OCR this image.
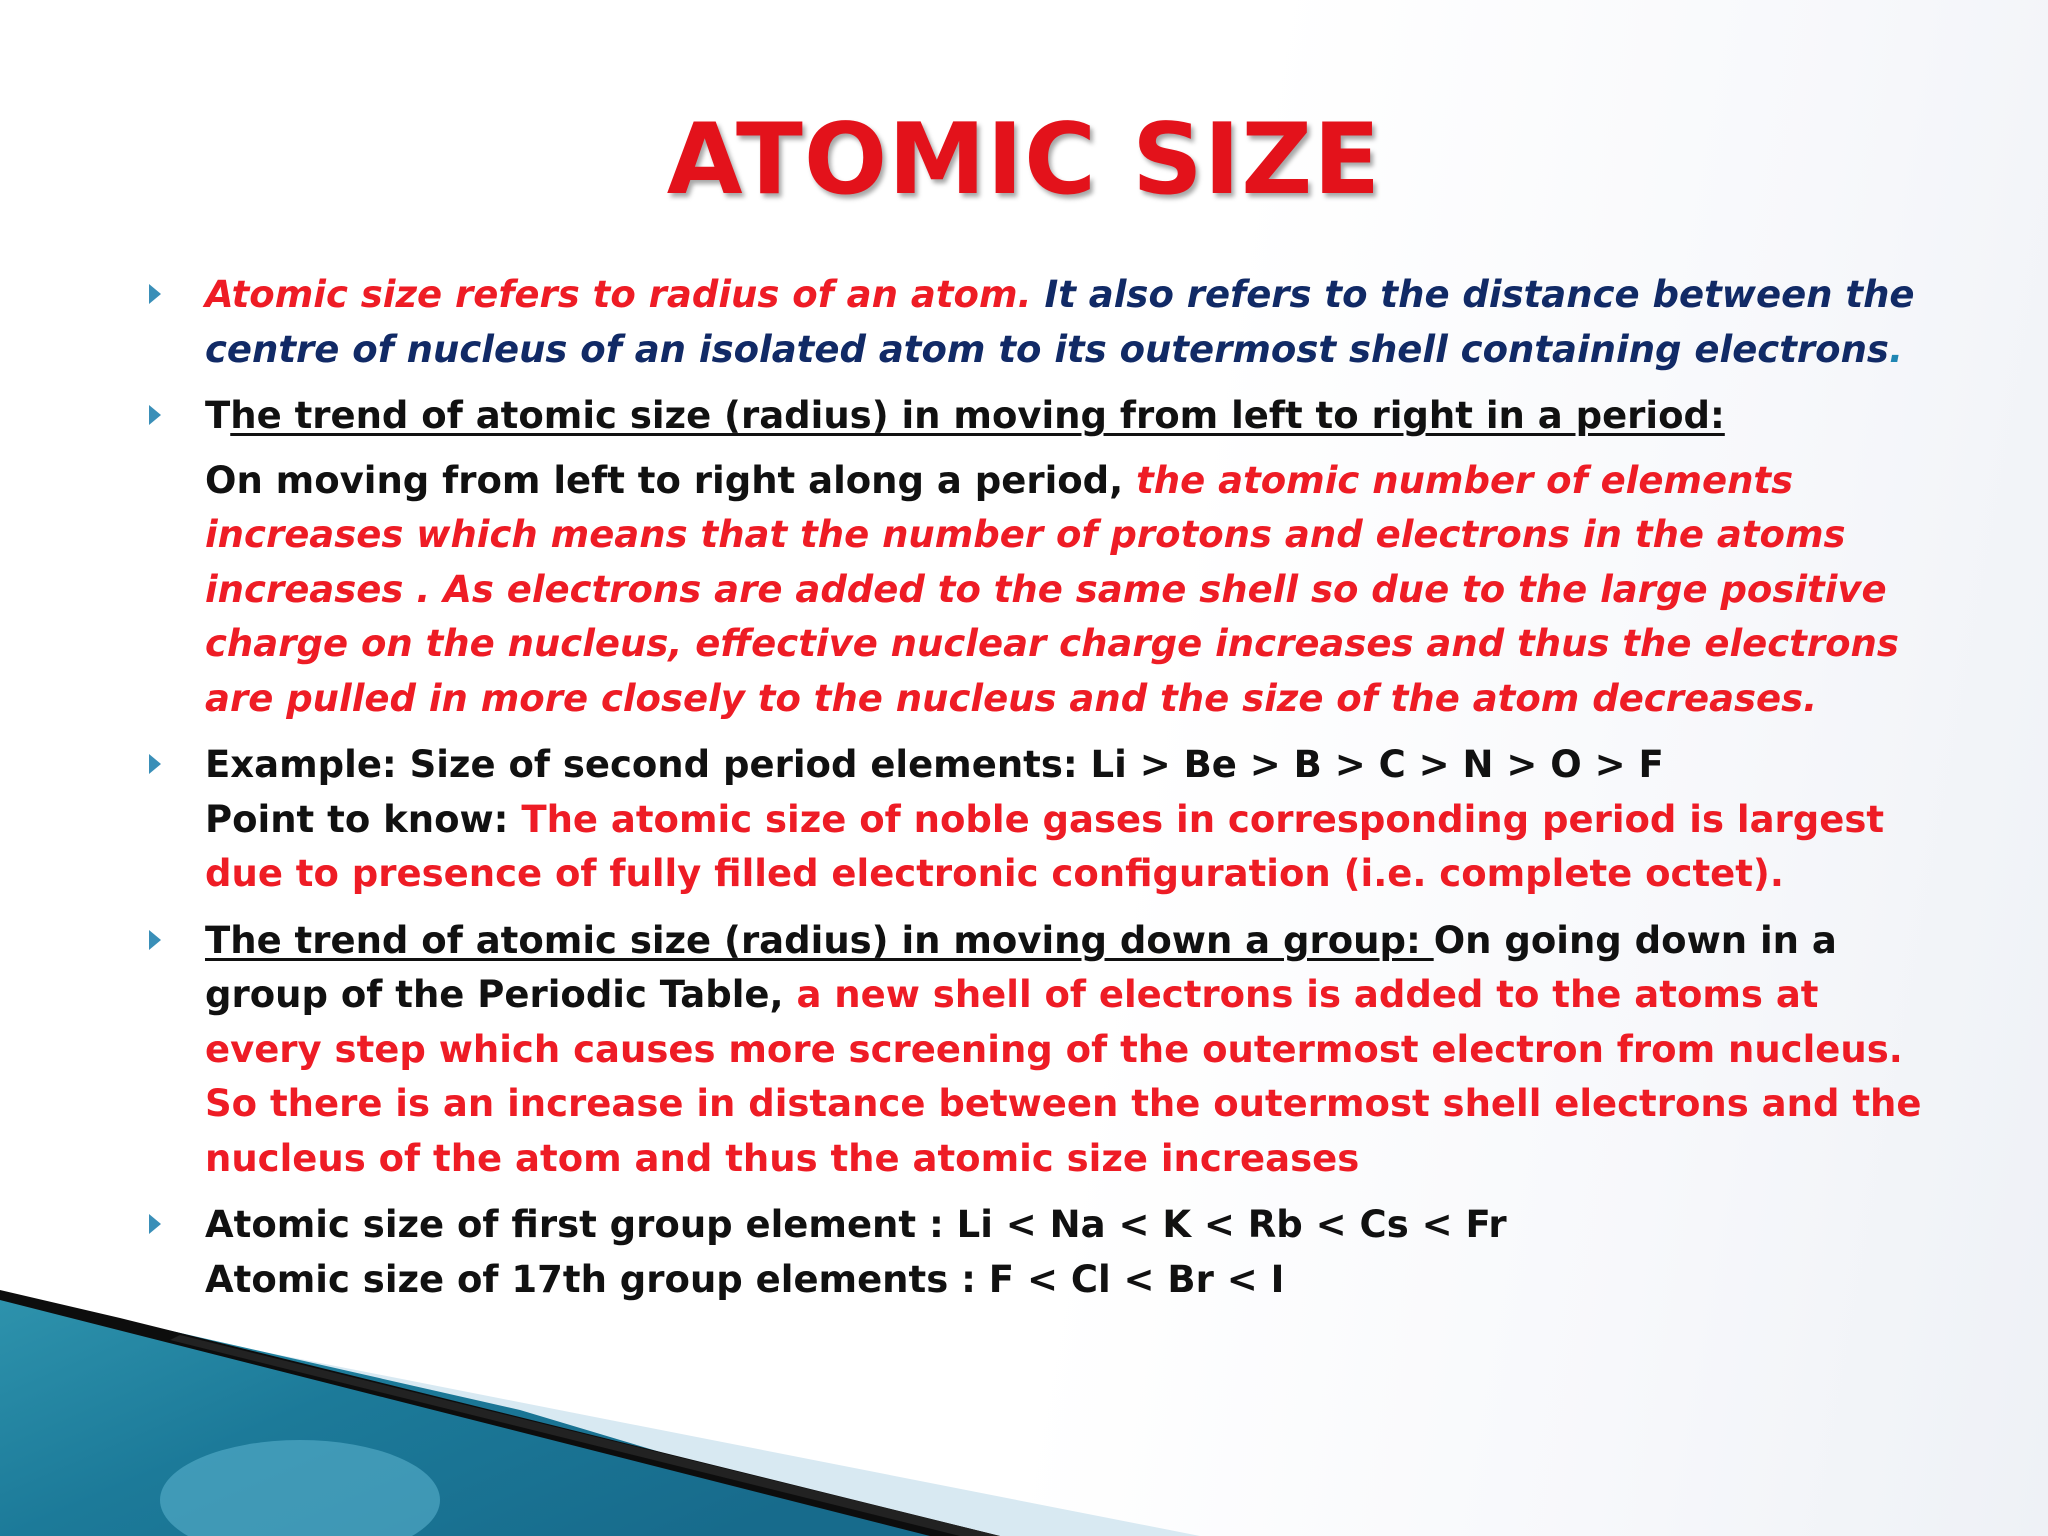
ATOMIC SIZE
Atomic size refers to radius of an atom. It also refers to the distance between the centre of nucleus of an isolated atom to its outermost shell containing electrons.
The trend of atomic size (radius) in moving from left to right in a period:
On moving from left to right along a period, the atomic number of elements increases which means that the number of protons and electrons in the atoms increases . As electrons are added to the same shell so due to the large positive charge on the nucleus, effective nuclear charge increases and thus the electrons are pulled in more closely to the nucleus and the size of the atom decreases.
Example: Size of second period elements: Li > Be > B > C > N > O > F
Point to know: The atomic size of noble gases in corresponding period is largest due to presence of fully filled electronic configuration (i.e. complete octet).
The trend of atomic size (radius) in moving down a group: On going down in a group of the Periodic Table, a new shell of electrons is added to the atoms at every step which causes more screening of the outermost electron from nucleus. So there is an increase in distance between the outermost shell electrons and the nucleus of the atom and thus the atomic size increases
Atomic size of first group element : Li < Na < K < Rb < Cs < Fr
Atomic size of 17th group elements : F < Cl < Br < I
